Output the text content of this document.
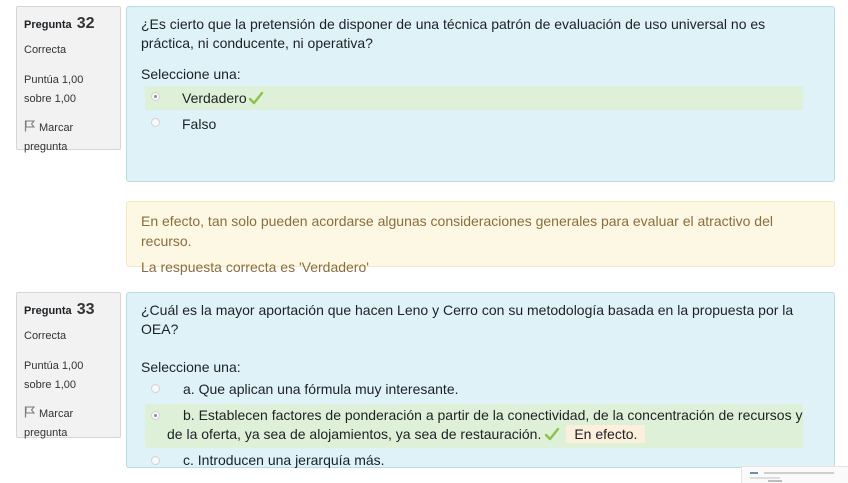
Pregunta 32
Correcta
Puntúa 1,00 sobre 1,00
Marcar pregunta
¿Es cierto que la pretensión de disponer de una técnica patrón de evaluación de uso universal no es práctica, ni conducente, ni operativa?
Seleccione una:
Verdadero
Falso
En efecto, tan solo pueden acordarse algunas consideraciones generales para evaluar el atractivo del recurso.
La respuesta correcta es 'Verdadero'
Pregunta 33
Correcta
Puntúa 1,00 sobre 1,00
Marcar pregunta
¿Cuál es la mayor aportación que hacen Leno y Cerro con su metodología basada en la propuesta por la OEA?
Seleccione una:
a. Que aplican una fórmula muy interesante.
b. Establecen factores de ponderación a partir de la conectividad, de la concentración de recursos y de la oferta, ya sea de alojamientos, ya sea de restauración. En efecto.
c. Introducen una jerarquía más.
